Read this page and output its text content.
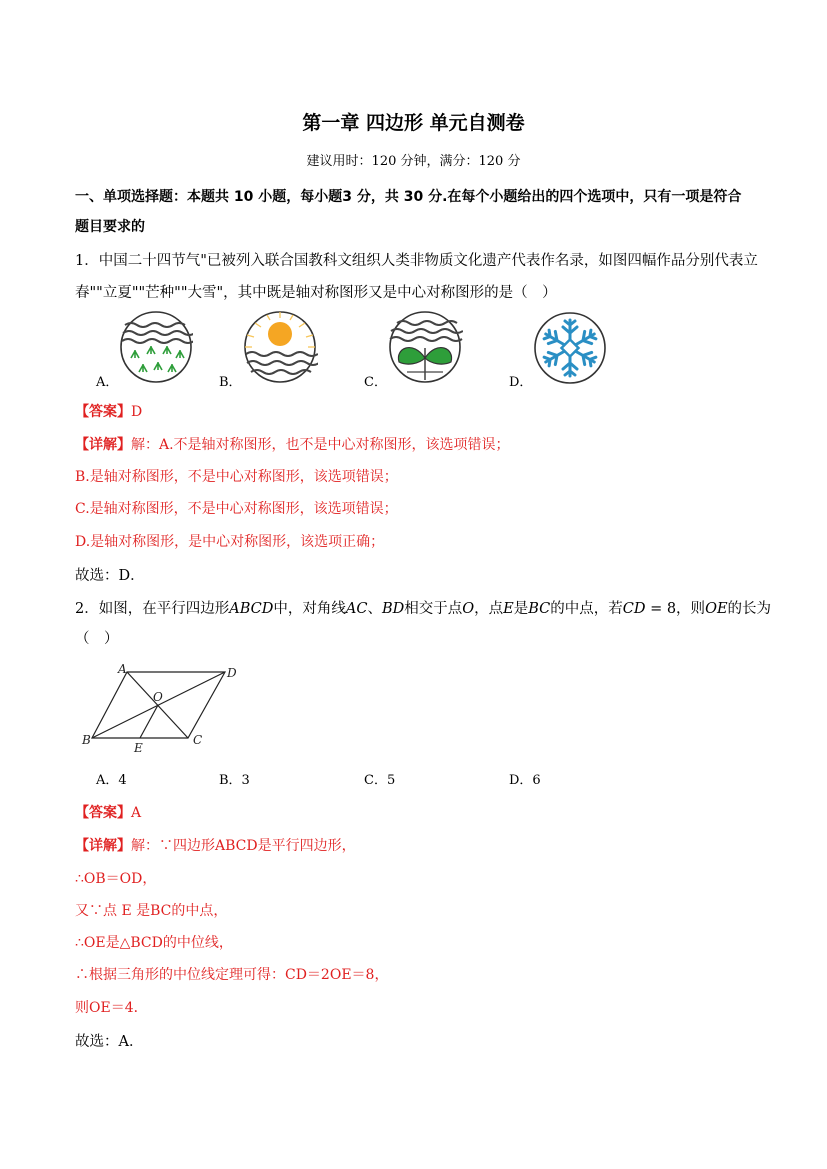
第一章 四边形 单元自测卷
建议用时：120 分钟，满分：120 分
一、单项选择题：本题共 10 小题，每小题3 分，共 30 分.在每个小题给出的四个选项中，只有一项是符合
题目要求的
1．中国二十四节气"已被列入联合国教科文组织人类非物质文化遗产代表作名录，如图四幅作品分别代表立
春""立夏""芒种""大雪"，其中既是轴对称图形又是中心对称图形的是（　）
A．	B．	C．	D．
【答案】D
【详解】解：A.不是轴对称图形，也不是中心对称图形，该选项错误；
B.是轴对称图形，不是中心对称图形，该选项错误；
C.是轴对称图形，不是中心对称图形，该选项错误；
D.是轴对称图形，是中心对称图形，该选项正确；
故选：D．
2．如图，在平行四边形ABCD中，对角线AC、BD相交于点O，点E是BC的中点，若CD = 8，则OE的长为
（　）
A	D
B	C
O
E
A．4	B．3	C．5	D．6
【答案】A
【详解】解：∵四边形ABCD是平行四边形，
∴OB＝OD，
又∵点 E 是BC的中点，
∴OE是△BCD的中位线，
∴根据三角形的中位线定理可得：CD＝2OE＝8，
则OE＝4．
故选：A．
